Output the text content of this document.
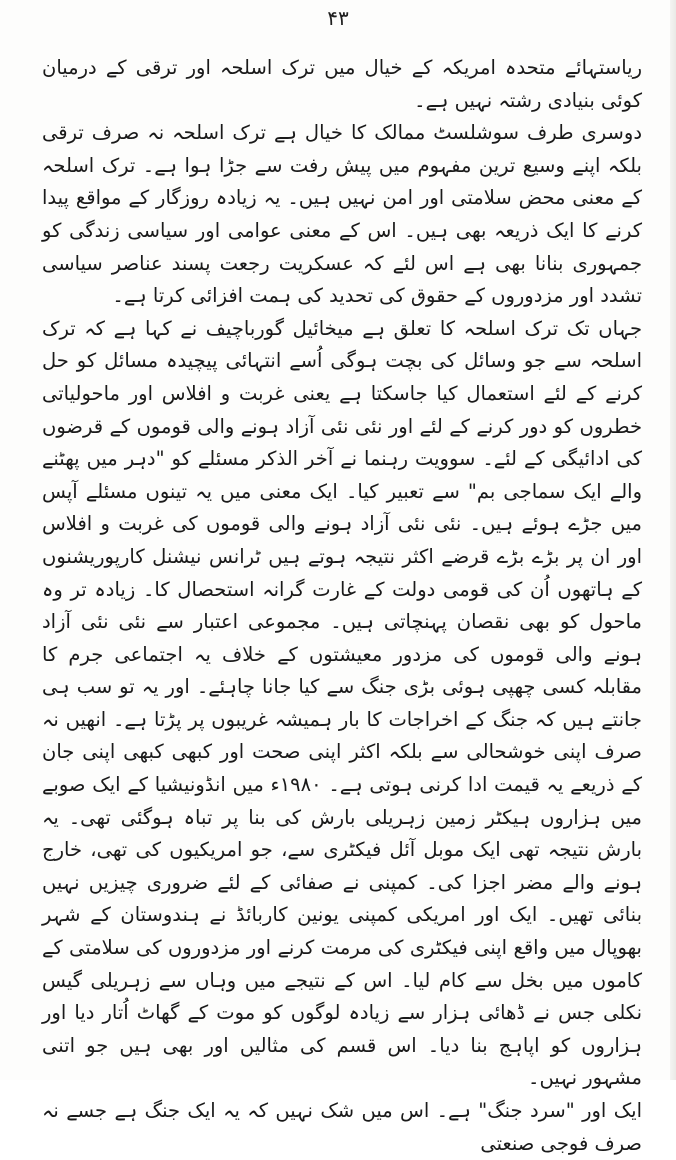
۴۳

ریاستہائے متحدہ امریکہ کے خیال میں ترک اسلحہ اور ترقی کے درمیان کوئی بنیادی رشتہ نہیں ہے۔

دوسری طرف سوشلسٹ ممالک کا خیال ہے ترک اسلحہ نہ صرف ترقی بلکہ اپنے وسیع ترین مفہوم میں پیش رفت سے جڑا ہوا ہے۔ ترک اسلحہ کے معنی محض سلامتی اور امن نہیں ہیں۔ یہ زیادہ روزگار کے مواقع پیدا کرنے کا ایک ذریعہ بھی ہیں۔ اس کے معنی عوامی اور سیاسی زندگی کو جمہوری بنانا بھی ہے اس لئے کہ عسکریت رجعت پسند عناصر سیاسی تشدد اور مزدوروں کے حقوق کی تحدید کی ہمت افزائی کرتا ہے۔

جہاں تک ترک اسلحہ کا تعلق ہے میخائیل گورباچیف نے کہا ہے کہ ترک اسلحہ سے جو وسائل کی بچت ہوگی اُسے انتہائی پیچیدہ مسائل کو حل کرنے کے لئے استعمال کیا جاسکتا ہے یعنی غربت و افلاس اور ماحولیاتی خطروں کو دور کرنے کے لئے اور نئی نئی آزاد ہونے والی قوموں کے قرضوں کی ادائیگی کے لئے۔ سوویت رہنما نے آخر الذکر مسئلے کو "دہر میں پھٹنے والے ایک سماجی بم" سے تعبیر کیا۔ ایک معنی میں یہ تینوں مسئلے آپس میں جڑے ہوئے ہیں۔ نئی نئی آزاد ہونے والی قوموں کی غربت و افلاس اور ان پر بڑے بڑے قرضے اکثر نتیجہ ہوتے ہیں ٹرانس نیشنل کارپوریشنوں کے ہاتھوں اُن کی قومی دولت کے غارت گرانہ استحصال کا۔ زیادہ تر وہ ماحول کو بھی نقصان پہنچاتی ہیں۔ مجموعی اعتبار سے نئی نئی آزاد ہونے والی قوموں کی مزدور معیشتوں کے خلاف یہ اجتماعی جرم کا مقابلہ کسی چھپی ہوئی بڑی جنگ سے کیا جانا چاہئے۔ اور یہ تو سب ہی جانتے ہیں کہ جنگ کے اخراجات کا بار ہمیشہ غریبوں پر پڑتا ہے۔ انھیں نہ صرف اپنی خوشحالی سے بلکہ اکثر اپنی صحت اور کبھی کبھی اپنی جان کے ذریعے یہ قیمت ادا کرنی ہوتی ہے۔ ۱۹۸۰ء میں انڈونیشیا کے ایک صوبے میں ہزاروں ہیکٹر زمین زہریلی بارش کی بنا پر تباہ ہوگئی تھی۔ یہ بارش نتیجہ تھی ایک موبل آئل فیکٹری سے، جو امریکیوں کی تھی، خارج ہونے والے مضر اجزا کی۔ کمپنی نے صفائی کے لئے ضروری چیزیں نہیں بنائی تھیں۔ ایک اور امریکی کمپنی یونین کاربائڈ نے ہندوستان کے شہر بھوپال میں واقع اپنی فیکٹری کی مرمت کرنے اور مزدوروں کی سلامتی کے کاموں میں بخل سے کام لیا۔ اس کے نتیجے میں وہاں سے زہریلی گیس نکلی جس نے ڈھائی ہزار سے زیادہ لوگوں کو موت کے گھاٹ اُتار دیا اور ہزاروں کو اپاہج بنا دیا۔ اس قسم کی مثالیں اور بھی ہیں جو اتنی مشہور نہیں۔

ایک اور "سرد جنگ" ہے۔ اس میں شک نہیں کہ یہ ایک جنگ ہے جسے نہ صرف فوجی صنعتی
